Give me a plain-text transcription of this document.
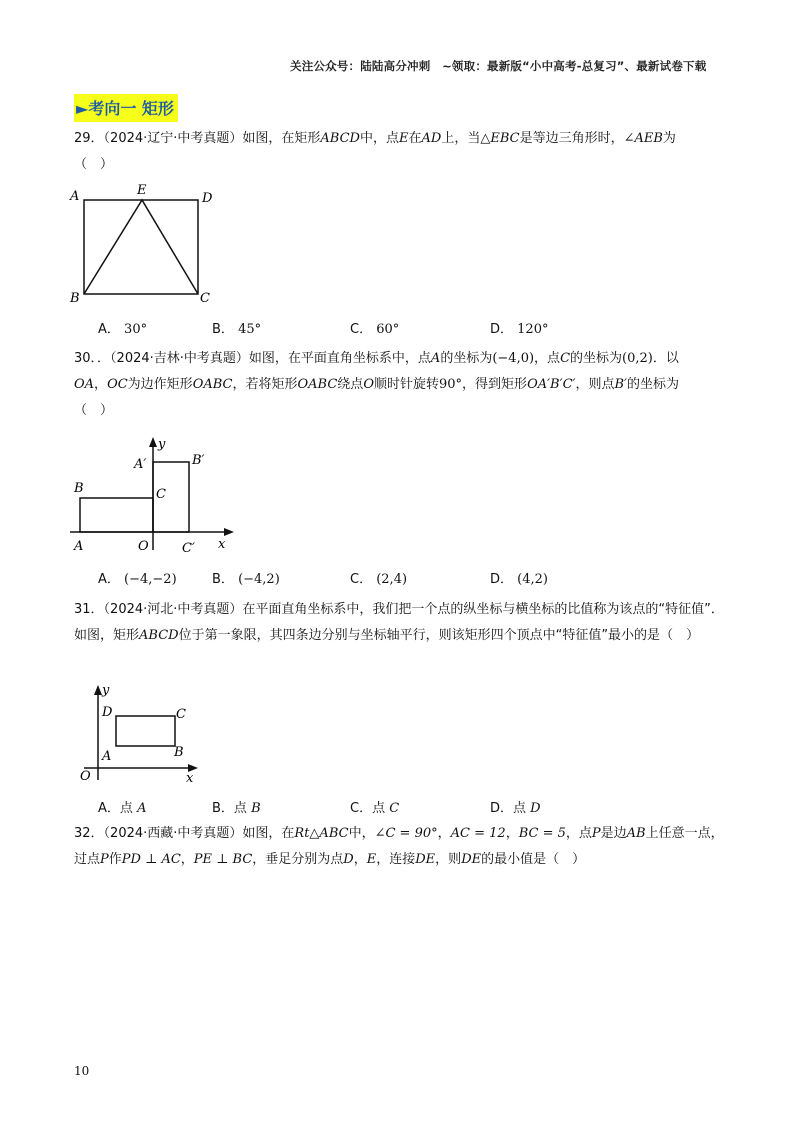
关注公众号：陆陆高分冲刺　~领取：最新版“小中高考-总复习”、最新试卷下载
►考向一 矩形
29．（2024·辽宁·中考真题）如图，在矩形ABCD中，点E在AD上，当△EBC是等边三角形时，∠AEB为
（　）
A	E
D
B	C
A． 30°	B． 45°	C． 60°	D． 120°
30．．（2024·吉林·中考真题）如图，在平面直角坐标系中，点A的坐标为(−4,0)，点C的坐标为(0,2)．以
OA，OC为边作矩形OABC，若将矩形OABC绕点O顺时针旋转90°，得到矩形OA′B′C′，则点B′的坐标为
（　）
y
x
A′	B′
B	C
A	O	C′
A． (−4,−2)	B． (−4,2)	C． (2,4)	D． (4,2)
31．（2024·河北·中考真题）在平面直角坐标系中，我们把一个点的纵坐标与横坐标的比值称为该点的“特征值”．如图，矩形ABCD位于第一象限，其四条边分别与坐标轴平行，则该矩形四个顶点中“特征值”最小的是（　）
y
x
O
D	C
A	B
A．点 A	B．点 B	C．点 C	D．点 D
32．（2024·西藏·中考真题）如图，在Rt△ABC中，∠C = 90°，AC = 12，BC = 5，点P是边AB上任意一点，过点P作PD ⊥ AC，PE ⊥ BC，垂足分别为点D，E，连接DE，则DE的最小值是（　）
10
